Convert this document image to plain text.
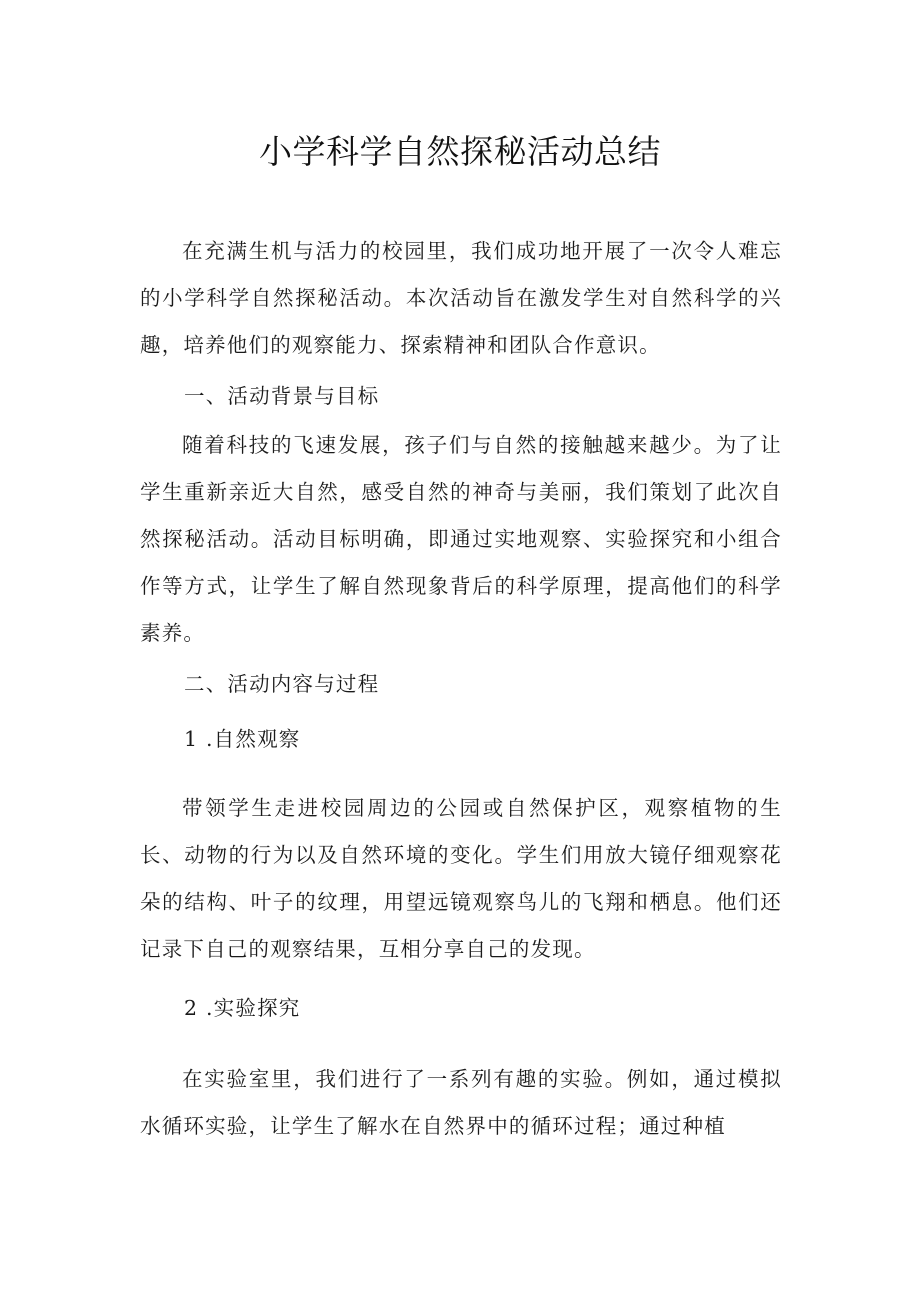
小学科学自然探秘活动总结

在充满生机与活力的校园里，我们成功地开展了一次令人难忘的小学科学自然探秘活动。本次活动旨在激发学生对自然科学的兴趣，培养他们的观察能力、探索精神和团队合作意识。

一、活动背景与目标

随着科技的飞速发展，孩子们与自然的接触越来越少。为了让学生重新亲近大自然，感受自然的神奇与美丽，我们策划了此次自然探秘活动。活动目标明确，即通过实地观察、实验探究和小组合作等方式，让学生了解自然现象背后的科学原理，提高他们的科学素养。

二、活动内容与过程

1 .自然观察

带领学生走进校园周边的公园或自然保护区，观察植物的生长、动物的行为以及自然环境的变化。学生们用放大镜仔细观察花朵的结构、叶子的纹理，用望远镜观察鸟儿的飞翔和栖息。他们还记录下自己的观察结果，互相分享自己的发现。

2 .实验探究

在实验室里，我们进行了一系列有趣的实验。例如，通过模拟水循环实验，让学生了解水在自然界中的循环过程；通过种植
